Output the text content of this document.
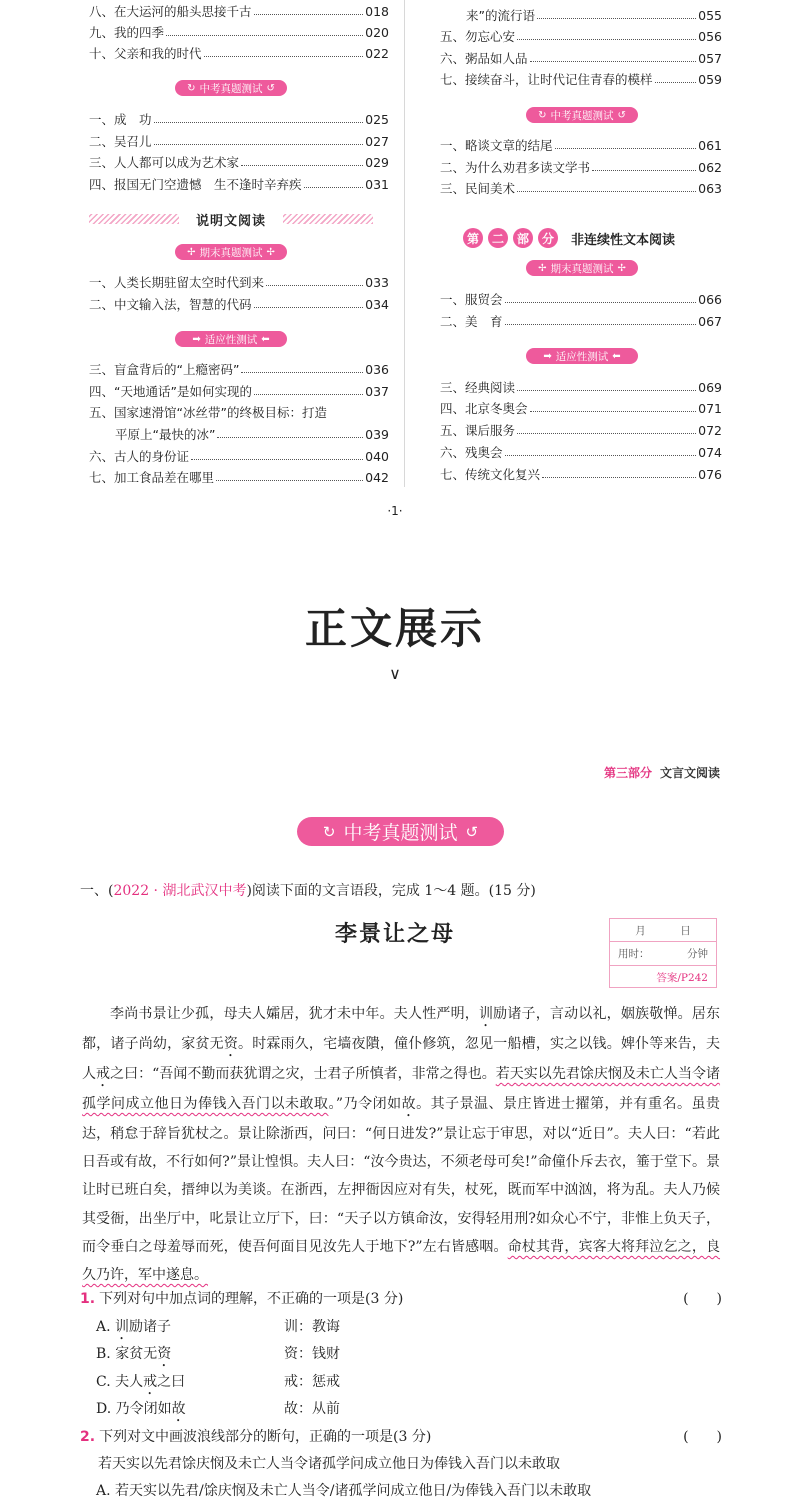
八、在大运河的船头思接千古	018
九、我的四季	020
十、父亲和我的时代	022
一、成　功	025
二、吴召儿	027
三、人人都可以成为艺术家	029
四、报国无门空遗憾　生不逢时辛弃疾	031
一、人类长期驻留太空时代到来	033
二、中文输入法，智慧的代码	034
三、盲盒背后的“上瘾密码”	036
四、“天地通话”是如何实现的	037
五、国家速滑馆“冰丝带”的终极目标：打造
平原上“最快的冰”	039
六、古人的身份证	040
七、加工食品差在哪里	042
↻ 中考真题测试 ↺
说明文阅读
✢ 期末真题测试 ✢
➡ 适应性测试 ⬅
来”的流行语	055
五、勿忘心安	056
六、粥品如人品	057
七、接续奋斗，让时代记住青春的模样	059
一、略谈文章的结尾	061
二、为什么劝君多读文学书	062
三、民间美术	063
一、服贸会	066
二、美　育	067
三、经典阅读	069
四、北京冬奥会	071
五、课后服务	072
六、残奥会	074
七、传统文化复兴	076
↻ 中考真题测试 ↺
第	二	部	分	非连续性文本阅读
✢ 期末真题测试 ✢
➡ 适应性测试 ⬅
·1·
正文展示
∨
第三部分 文言文阅读
↻ 中考真题测试 ↺
一、(2022 · 湖北武汉中考)阅读下面的文言语段，完成 1～4 题。(15 分)
李景让之母	月	日
用时：	分钟
答案/P242

李尚书景让少孤，母夫人孀居，犹才未中年。夫人性严明，训励诸子，言动以礼，姻族敬惮。居东都，诸子尚幼，家贫无资。时霖雨久，宅墙夜隤，僮仆修筑，忽见一船槽，实之以钱。婢仆等来告，夫人戒之曰：“吾闻不勤而获犹谓之灾，士君子所慎者，非常之得也。若天实以先君馀庆悯及未亡人当令诸孤学问成立他日为俸钱入吾门以未敢取。”乃令闭如故。其子景温、景庄皆进士擢第，并有重名。虽贵达，稍怠于辞旨犹杖之。景让除浙西，问曰：“何日进发?”景让忘于审思，对以“近日”。夫人曰：“若此日吾或有故，不行如何?”景让惶惧。夫人曰：“汝今贵达，不须老母可矣!”命僮仆斥去衣，箠于堂下。景让时已班白矣，搢绅以为美谈。在浙西，左押衙因应对有失，杖死，既而军中汹汹，将为乱。夫人乃候其受衙，出坐厅中，叱景让立厅下，曰：“天子以方镇命汝，安得轻用刑?如众心不宁，非惟上负天子，而令垂白之母羞辱而死，使吾何面目见汝先人于地下?”左右皆感咽。命杖其背，宾客大将拜泣乞之，良久乃许，军中遂息。

1. 下列对句中加点词的理解，不正确的一项是(3 分)	(　　)
A. 训励诸子	训：教诲
B. 家贫无资	资：钱财
C. 夫人戒之曰	戒：惩戒
D. 乃令闭如故	故：从前
2. 下列对文中画波浪线部分的断句，正确的一项是(3 分)	(　　)
若天实以先君馀庆悯及未亡人当令诸孤学问成立他日为俸钱入吾门以未敢取
A. 若天实以先君/馀庆悯及未亡人当令/诸孤学问成立他日/为俸钱入吾门以未敢取
